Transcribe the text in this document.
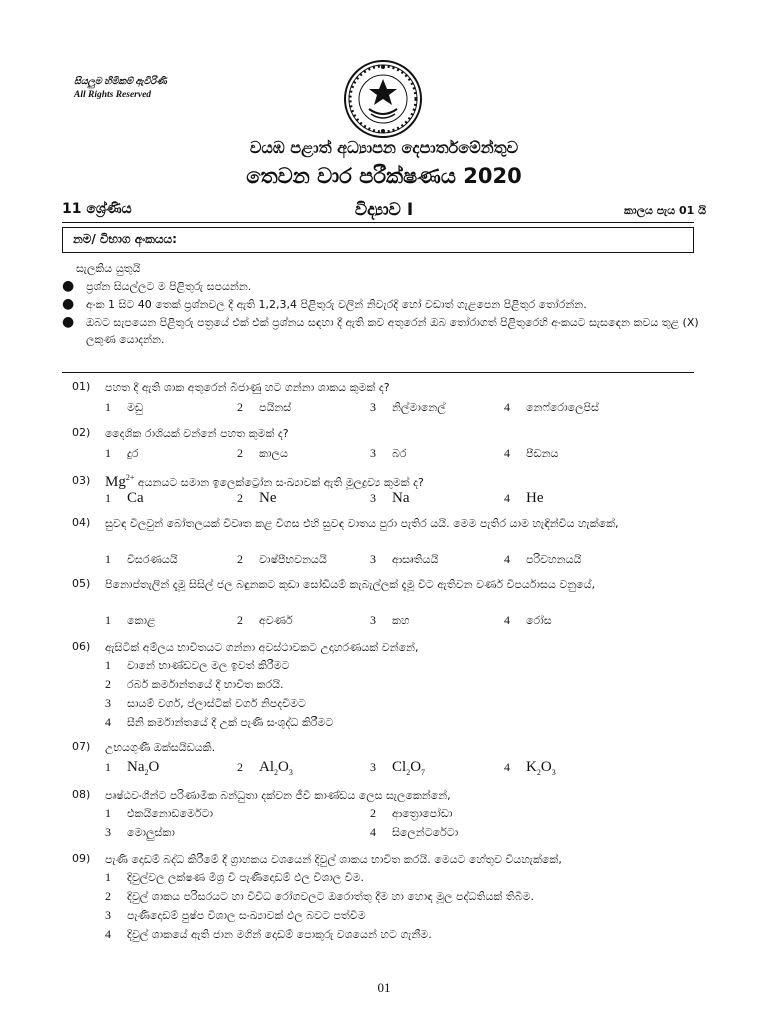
සියලුම හිමිකම් ඇවිරිණි
All Rights Reserved
වයඹ පළාත් අධ්‍යාපන දෙපාර්තමේන්තුව
තෙවන වාර පරීක්ෂණය 2020
11 ශ්‍රේණිය	විද්‍යාව I	කාලය පැය 01 යි
නම/ විභාග අංකයය:
සැලකිය යුතුයි
● ප්‍රශ්න සියල්ලට ම පිළිතුරු සපයන්න.
● අංක 1 සිට 40 තෙක් ප්‍රශ්නවල දී ඇති 1,2,3,4 පිළිතුරු වලින් නිවැරදි හෝ වඩාත් ගැළපෙන පිළිතුර තෝරන්න.
● ඔබට සැපයෙන පිළිතුරු පත්‍රයේ එක් එක් ප්‍රශ්නය සඳහා දී ඇති කව අතුරෙන් ඔබ තෝරාගත් පිළිතුරෙහි අංකයට සැසඳෙන කවය තුළ (X) ලකුණ යොදන්න.
01) පහත දී ඇති ශාක අතුරෙන් බීජාණු හට ගන්නා ශාකය කුමක් ද?
1 මඩු	2 පයිනස්	3 නිල්මානෙල්	4 නෙෆ්රොලෙපිස්
02) දෛශික රාශියක් වන්නේ පහත කුමක් ද?
1 දුර	2 කාලය	3 බර	4 පීඩනය
03) $Mg^{2+}$ අයනයට සමාන ඉලෙක්ට්‍රෝන සංඛ්‍යාවක් ඇති මූලද්‍රව්‍ය කුමක් ද?
1 Ca	2 Ne	3 Na	4 He
04) සුවඳ විලවුන් බෝතලයක් විවෘත කළ විගස එහි සුවඳ වාතය පුරා පැතිර යයි. මෙම පැතිර යාම හැඳින්විය හැක්කේ,
1 විසරණයයි	2 වාෂ්පීභවනයයි	3 ආසෘතියයි	4 පරිවහනයයි
05) පිනොප්තැලින් දැමූ සිසිල් ජල බඳුනකට කුඩා සෝඩියම් කැබැල්ලක් දැමූ විට ඇතිවන වර්ණ විපර්යාසය වනුයේ,
1 කොළ	2 අවර්ණ	3 කහ	4 රෝස
06) ඇසිටික් අම්ලය භාවිතයට ගන්නා අවස්ථාවකට උදාහරණයක් වන්නේ,
1 වානේ භාණ්ඩවල මල ඉවත් කිරීමට
2 රබර් කර්මාන්තයේ දී භාවිත කරයි.
3 සායම් වර්ග, ප්ලාස්ටික් වර්ග නිපදවීමට
4 සීනි කර්මාන්තයේ දී උක් පැණි සංශුද්ධ කිරීමට
07) උභයගුණී ඔක්සයිඩයකි.
1 $Na_2O$	2 $Al_2O_3$	3 $Cl_2O_7$	4 $K_2O_3$
08) පෘෂ්ඨවංශීන්ට පරිණාමික බන්ධුතා දක්වන ජීවී කාණ්ඩය ලෙස සැලකෙන්නේ,
1 එකයිනොඩර්මෙටා	2 ආත්‍රොපෝඩා
3 මොලුස්කා	4 සිලෙන්ටරේටා
09) පැණි දොඩම් බද්ධ කිරීමේ දී ග්‍රාහකය වශයෙන් දිවුල් ශාකය භාවිත කරයි. මෙයට හේතුව වියහැක්කේ,
1 දිවුල්වල ලක්ෂණ මිශ්‍ර වී පැණිදොඩම් ඵල විශාල වීම.
2 දිවුල් ශාකය පරිසරයට හා විවිධ රෝගවලට ඔරොත්තු දීම හා හොඳ මූල පද්ධතියක් තිබීම.
3 පැණිදොඩම් පුෂ්ප විශාල සංඛ්‍යාවක් ඵල බවට පත්වීම
4 දිවුල් ශාකයේ ඇති ජාන මගින් දොඩම් පොකුරු වශයෙන් හට ගැනීම.
01
